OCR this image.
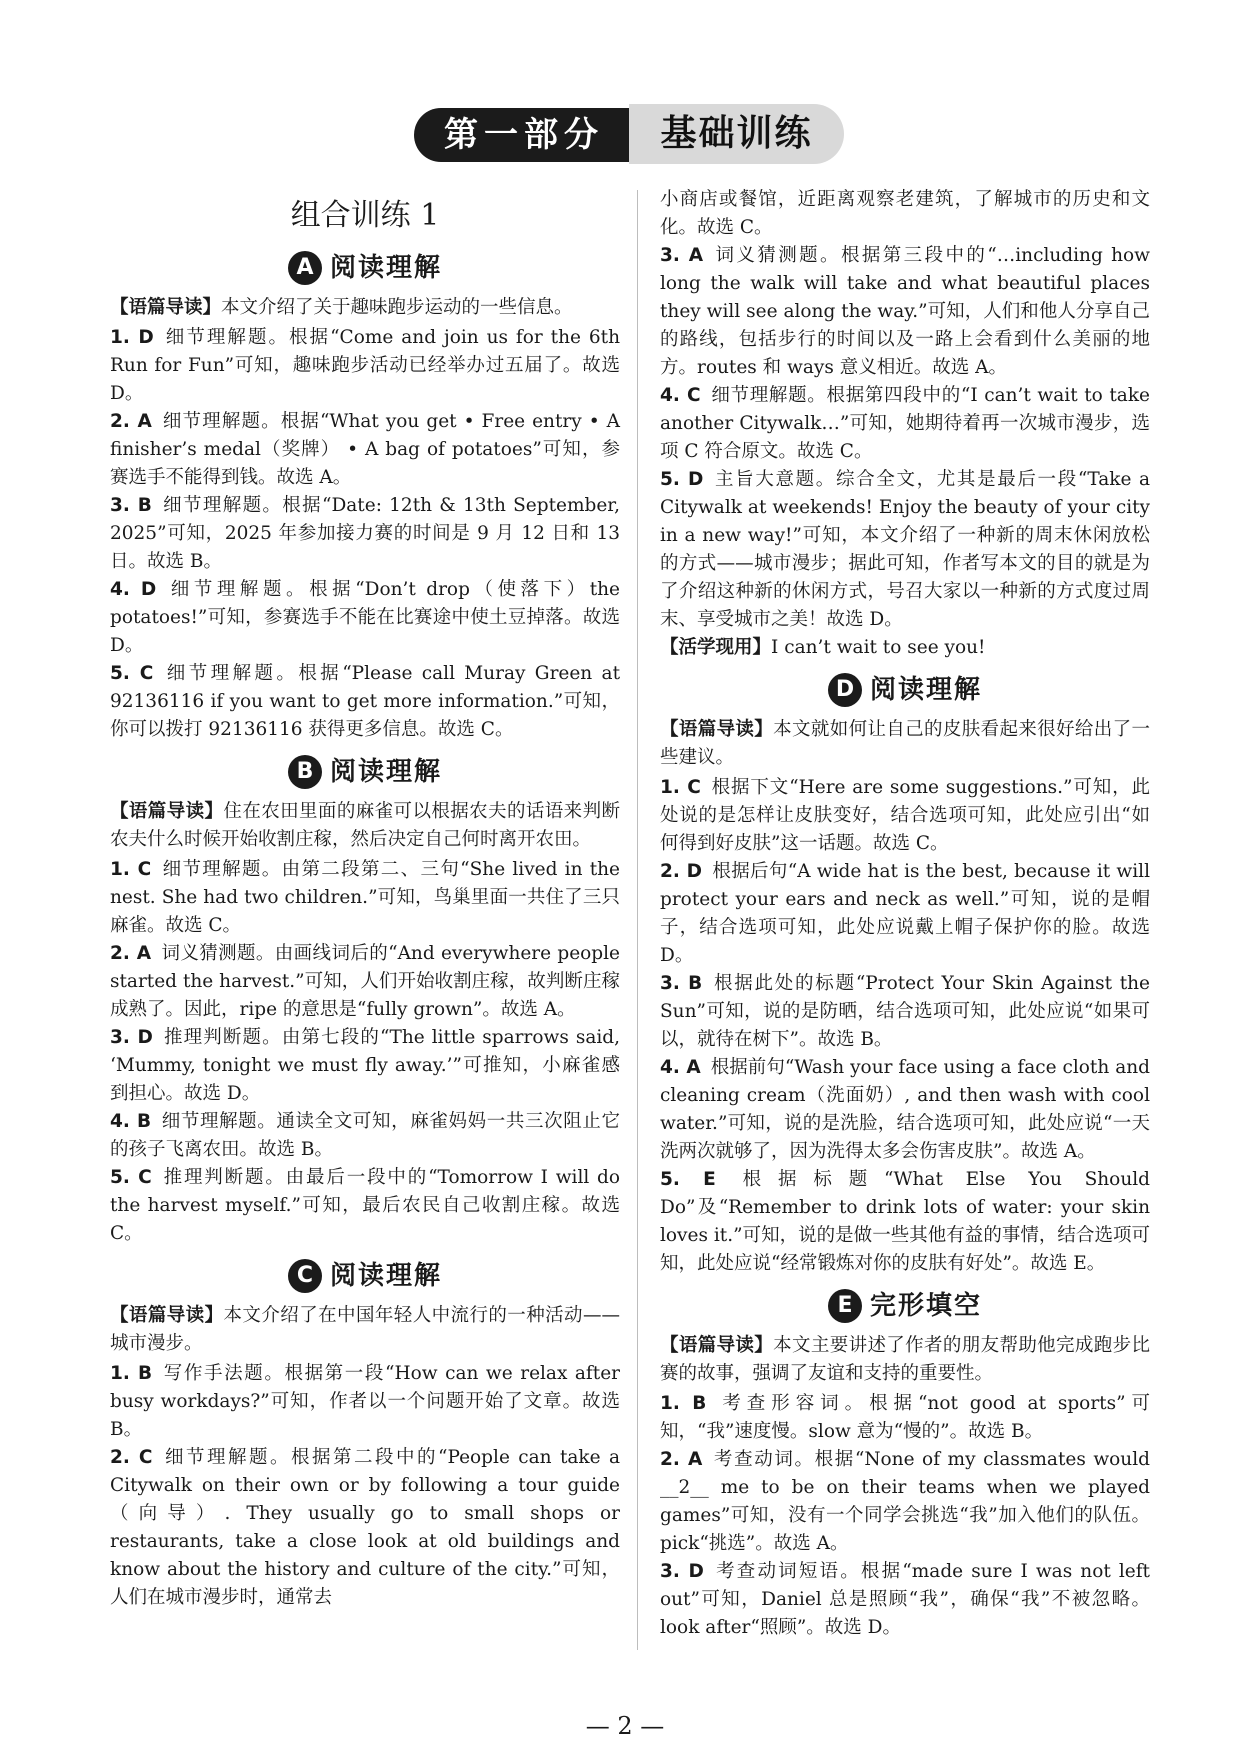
第一部分	基础训练
组合训练 1
A 阅读理解

【语篇导读】本文介绍了关于趣味跑步运动的一些信息。

1. D 细节理解题。根据“Come and join us for the 6th Run for Fun”可知，趣味跑步活动已经举办过五届了。故选 D。

2. A 细节理解题。根据“What you get • Free entry • A finisher’s medal（奖牌） • A bag of potatoes”可知，参赛选手不能得到钱。故选 A。

3. B 细节理解题。根据“Date: 12th & 13th September, 2025”可知，2025 年参加接力赛的时间是 9 月 12 日和 13 日。故选 B。

4. D 细节理解题。根据“Don’t drop（使落下）the potatoes!”可知，参赛选手不能在比赛途中使土豆掉落。故选 D。

5. C 细节理解题。根据“Please call Muray Green at 92136116 if you want to get more information.”可知，你可以拨打 92136116 获得更多信息。故选 C。

B 阅读理解

【语篇导读】住在农田里面的麻雀可以根据农夫的话语来判断农夫什么时候开始收割庄稼，然后决定自己何时离开农田。

1. C 细节理解题。由第二段第二、三句“She lived in the nest. She had two children.”可知，鸟巢里面一共住了三只麻雀。故选 C。

2. A 词义猜测题。由画线词后的“And everywhere people started the harvest.”可知，人们开始收割庄稼，故判断庄稼成熟了。因此，ripe 的意思是“fully grown”。故选 A。

3. D 推理判断题。由第七段的“The little sparrows said, ‘Mummy, tonight we must fly away.’”可推知，小麻雀感到担心。故选 D。

4. B 细节理解题。通读全文可知，麻雀妈妈一共三次阻止它的孩子飞离农田。故选 B。

5. C 推理判断题。由最后一段中的“Tomorrow I will do the harvest myself.”可知，最后农民自己收割庄稼。故选 C。

C 阅读理解

【语篇导读】本文介绍了在中国年轻人中流行的一种活动——城市漫步。

1. B 写作手法题。根据第一段“How can we relax after busy workdays?”可知，作者以一个问题开始了文章。故选 B。

2. C 细节理解题。根据第二段中的“People can take a Citywalk on their own or by following a tour guide（向导）. They usually go to small shops or restaurants, take a close look at old buildings and know about the history and culture of the city.”可知，人们在城市漫步时，通常去

小商店或餐馆，近距离观察老建筑，了解城市的历史和文化。故选 C。

3. A 词义猜测题。根据第三段中的“…including how long the walk will take and what beautiful places they will see along the way.”可知，人们和他人分享自己的路线，包括步行的时间以及一路上会看到什么美丽的地方。routes 和 ways 意义相近。故选 A。

4. C 细节理解题。根据第四段中的“I can’t wait to take another Citywalk…”可知，她期待着再一次城市漫步，选项 C 符合原文。故选 C。

5. D 主旨大意题。综合全文，尤其是最后一段“Take a Citywalk at weekends! Enjoy the beauty of your city in a new way!”可知，本文介绍了一种新的周末休闲放松的方式——城市漫步；据此可知，作者写本文的目的就是为了介绍这种新的休闲方式，号召大家以一种新的方式度过周末、享受城市之美！故选 D。

【活学现用】I can’t wait to see you!

D 阅读理解

【语篇导读】本文就如何让自己的皮肤看起来很好给出了一些建议。

1. C 根据下文“Here are some suggestions.”可知，此处说的是怎样让皮肤变好，结合选项可知，此处应引出“如何得到好皮肤”这一话题。故选 C。

2. D 根据后句“A wide hat is the best, because it will protect your ears and neck as well.”可知，说的是帽子，结合选项可知，此处应说戴上帽子保护你的脸。故选 D。

3. B 根据此处的标题“Protect Your Skin Against the Sun”可知，说的是防晒，结合选项可知，此处应说“如果可以，就待在树下”。故选 B。

4. A 根据前句“Wash your face using a face cloth and cleaning cream（洗面奶）, and then wash with cool water.”可知，说的是洗脸，结合选项可知，此处应说“一天洗两次就够了，因为洗得太多会伤害皮肤”。故选 A。

5. E 根据标题“What Else You Should Do”及“Remember to drink lots of water: your skin loves it.”可知，说的是做一些其他有益的事情，结合选项可知，此处应说“经常锻炼对你的皮肤有好处”。故选 E。

E 完形填空

【语篇导读】本文主要讲述了作者的朋友帮助他完成跑步比赛的故事，强调了友谊和支持的重要性。

1. B 考查形容词。根据“not good at sports”可知，“我”速度慢。slow 意为“慢的”。故选 B。

2. A 考查动词。根据“None of my classmates would __2__ me to be on their teams when we played games”可知，没有一个同学会挑选“我”加入他们的队伍。pick“挑选”。故选 A。

3. D 考查动词短语。根据“made sure I was not left out”可知，Daniel 总是照顾“我”，确保“我”不被忽略。look after“照顾”。故选 D。

— 2 —
